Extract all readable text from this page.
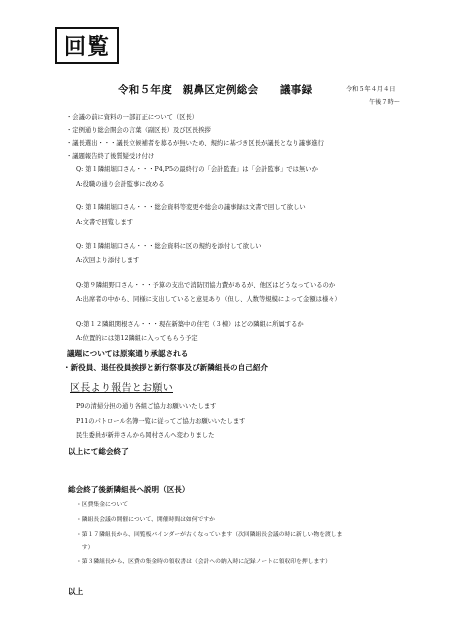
回覧
令和５年度　親鼻区定例総会　　議事録	令和５年４月４日
午後７時〜
・会議の前に資料の一部訂正について（区長）
・定例通り総会開会の言葉（副区長）及び区長挨拶
・議長選出・・・議長立候補者を募るが無いため、規約に基づき区長が議長となり議事進行
・議題報告終了後質疑受け付け
Q: 第１隣組堀口さん・・・P4,P5の最終行の「会計監査」は「会計監事」では無いか
A:役職の通り会計監事に改める
Q: 第１隣組堀口さん・・・総会資料等変更や総会の議事録は文書で回して欲しい
A:文書で回覧します
Q: 第１隣組堀口さん・・・総会資料に区の規約を添付して欲しい
A:次回より添付します
Q:第９隣組野口さん・・・予算の支出で消防団協力費があるが、他区はどうなっているのか
A:出席者の中から、同様に支出していると意見あり（但し、人数等規模によって金額は様々）
Q:第１２隣組関根さん・・・現在新築中の住宅（３棟）はどの隣組に所属するか
A:位置的には第12隣組に入ってもらう予定
議題については原案通り承認される
・新役員、退任役員挨拶と新行祭事及び新隣組長の自己紹介
区長より報告とお願い
P9の清掃分担の通り各組ご協力お願いいたします
P11のパトロール名簿一覧に従ってご協力お願いいたします
民生委員が新井さんから岡村さんへ変わりました
以上にて総会終了
総会終了後新隣組長へ説明（区長）
・区費集金について
・隣組長会議の開催について、開催時間は如何ですか
・第１７隣組長から、回覧板バインダーが古くなっています（次回隣組長会議の時に新しい物を渡しま
　す）
・第３隣組長から、区費の集金時の領収書は（会計への納入時に記録ノートに領収印を押します）
以上
